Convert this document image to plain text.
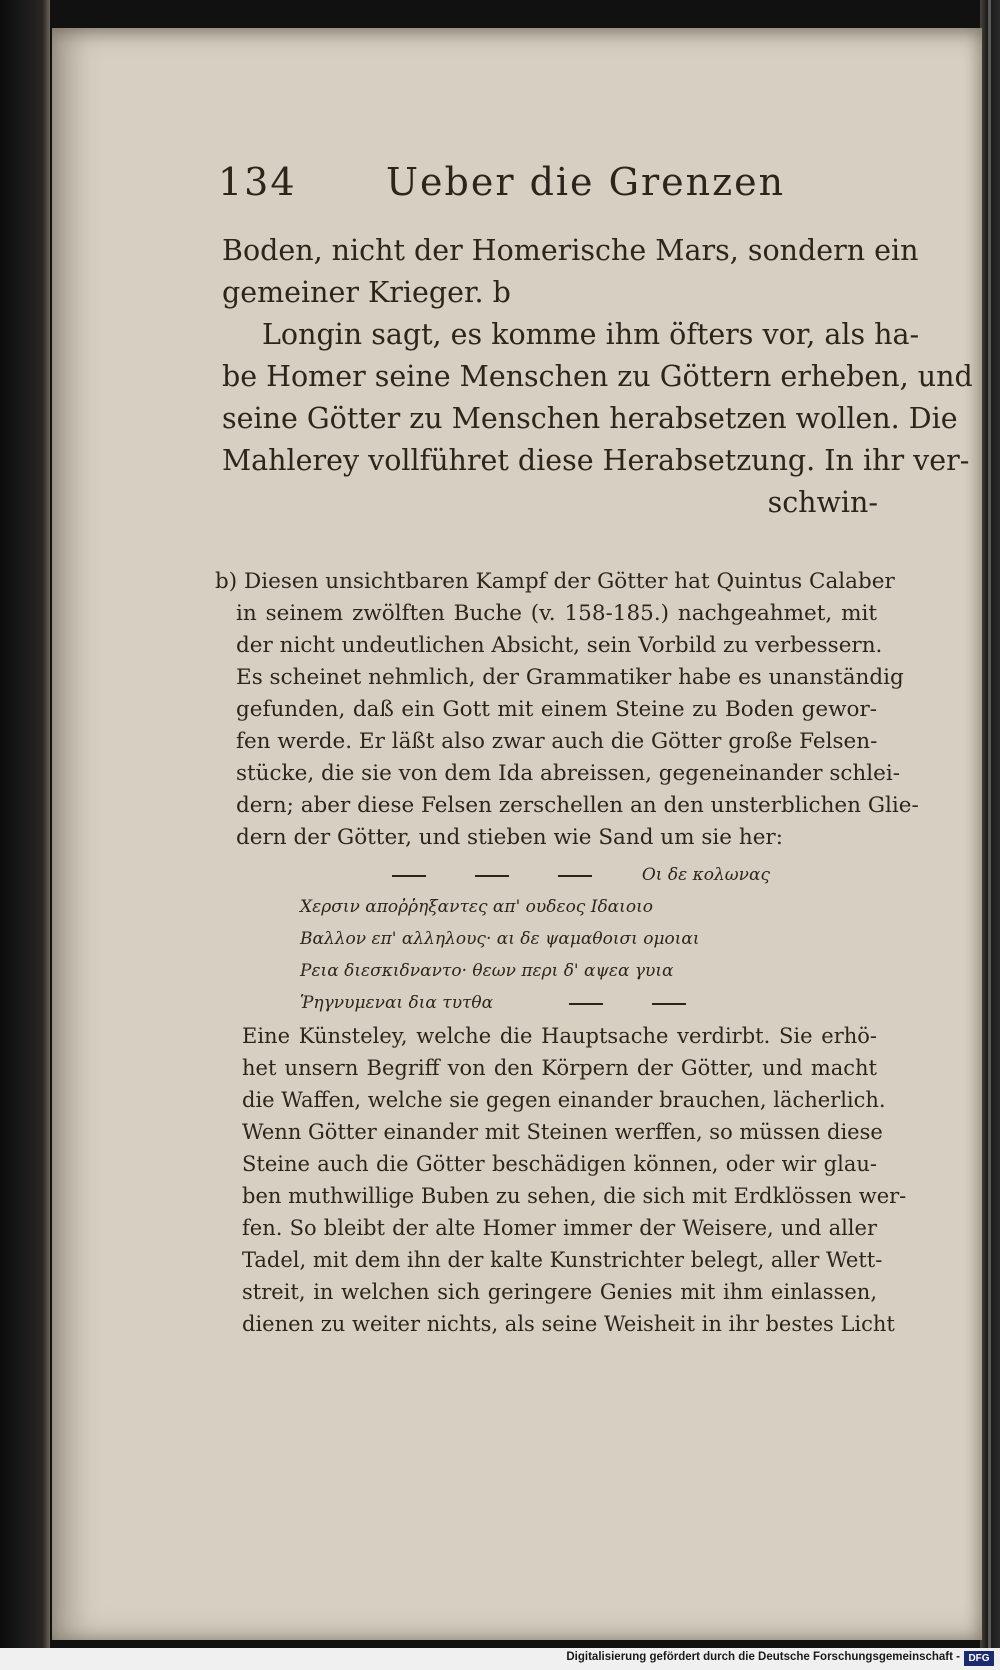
134 Ueber die Grenzen
Boden, nicht der Homerische Mars, sondern ein
gemeiner Krieger. b
Longin sagt, es komme ihm öfters vor, als ha-
be Homer seine Menschen zu Göttern erheben, und
seine Götter zu Menschen herabsetzen wollen. Die
Mahlerey vollführet diese Herabsetzung. In ihr ver-
schwin-
b) Diesen unsichtbaren Kampf der Götter hat Quintus Calaber
in seinem zwölften Buche (v. 158-185.) nachgeahmet, mit
der nicht undeutlichen Absicht, sein Vorbild zu verbessern.
Es scheinet nehmlich, der Grammatiker habe es unanständig
gefunden, daß ein Gott mit einem Steine zu Boden gewor-
fen werde. Er läßt also zwar auch die Götter große Felsen-
stücke, die sie von dem Ida abreissen, gegeneinander schlei-
dern; aber diese Felsen zerschellen an den unsterblichen Glie-
dern der Götter, und stieben wie Sand um sie her:
Οι δε κολωνας
Χερσιν αποῤῥηξαντες απ' ουδεος Ιδαιοιο
Βαλλον επ' αλληλους· αι δε ψαμαθοισι ομοιαι
Ρεια διεσκιδναντο· θεων περι δ' αψεα γυια
Ῥηγνυμεναι δια τυτθα
Eine Künsteley, welche die Hauptsache verdirbt. Sie erhö-
het unsern Begriff von den Körpern der Götter, und macht
die Waffen, welche sie gegen einander brauchen, lächerlich.
Wenn Götter einander mit Steinen werffen, so müssen diese
Steine auch die Götter beschädigen können, oder wir glau-
ben muthwillige Buben zu sehen, die sich mit Erdklössen wer-
fen. So bleibt der alte Homer immer der Weisere, und aller
Tadel, mit dem ihn der kalte Kunstrichter belegt, aller Wett-
streit, in welchen sich geringere Genies mit ihm einlassen,
dienen zu weiter nichts, als seine Weisheit in ihr bestes Licht
Digitalisierung gefördert durch die Deutsche Forschungsgemeinschaft - DFG
